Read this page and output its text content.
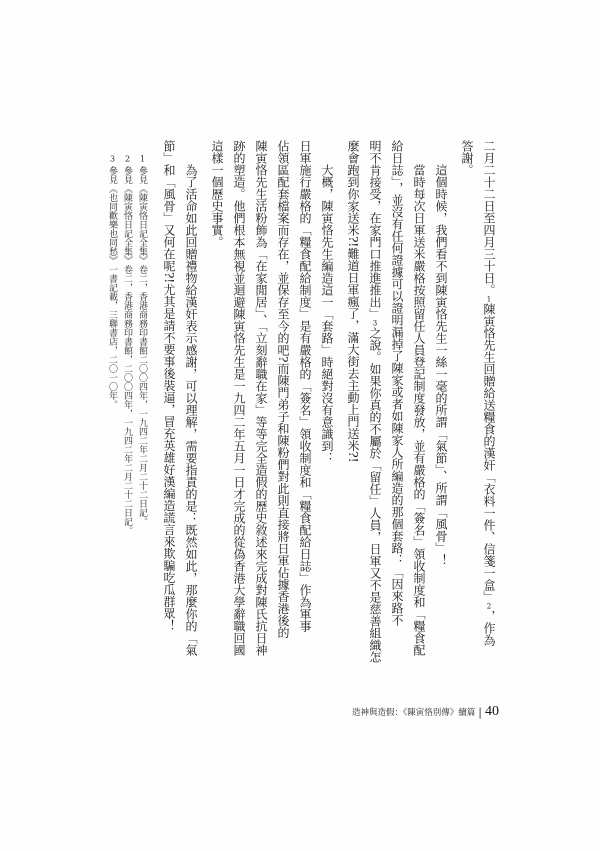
二月二十二日至四月三十日。1陳寅恪先生回贈給送糧食的漢奸「衣料一件、信箋一盒」2，作為
答謝。
這個時候，我們看不到陳寅恪先生一絲一毫的所謂「氣節」、所謂「風骨」！
當時每次日軍送米嚴格按照留任人員登記制度發放，並有嚴格的「簽名」領收制度和「糧食配
給日誌」，並沒有任何證據可以證明漏掉了陳家或者如陳家人所編造的那個套路：「因來路不
明不肯接受，在家門口推進推出」3之說。如果你真的不屬於「留任」人員，日軍又不是慈善組織怎
麼會跑到你家送米?!難道日軍瘋了，滿大街去主動上門送米?!
大概，陳寅恪先生編造這一「套路」時絕對沒有意識到：
日軍施行嚴格的「糧食配給制度」是有嚴格的「簽名」領收制度和「糧食配給日誌」作為軍事
佔領區配套檔案而存在，並保存至今的吧?而陳門弟子和陳粉們對此則直接將日軍佔據香港後的
陳寅恪先生活粉飾為「在家閒居」、「立刻辭職在家」等等完全造假的歷史敘述來完成對陳氏抗日神
跡的塑造。他們根本無視並迴避陳寅恪先生是一九四二年五月一日才完成的從偽香港大學辭職回國
這樣一個歷史事實。
為了活命如此回贈禮物給漢奸表示感謝，可以理解，需要指責的是：既然如此，那麼你的「氣
節」和「風骨」又何在呢?!尤其是請不要事後裝逼，冒充英雄好漢編造謊言來欺騙吃瓜群眾！
1參見《陳寅恪日記全集》卷二，香港商務印書館二〇〇四年，一九四二年二月二十二日記。
2參見《陳寅恪日記全集》卷二，香港商務印書館，二〇〇四年，一九四二年二月二十二日記。
3參見《也同歡樂也同愁》一書記載，三聯書店，二〇一〇年。
造神與造假：《陳寅恪別傳》續篇 | 40
